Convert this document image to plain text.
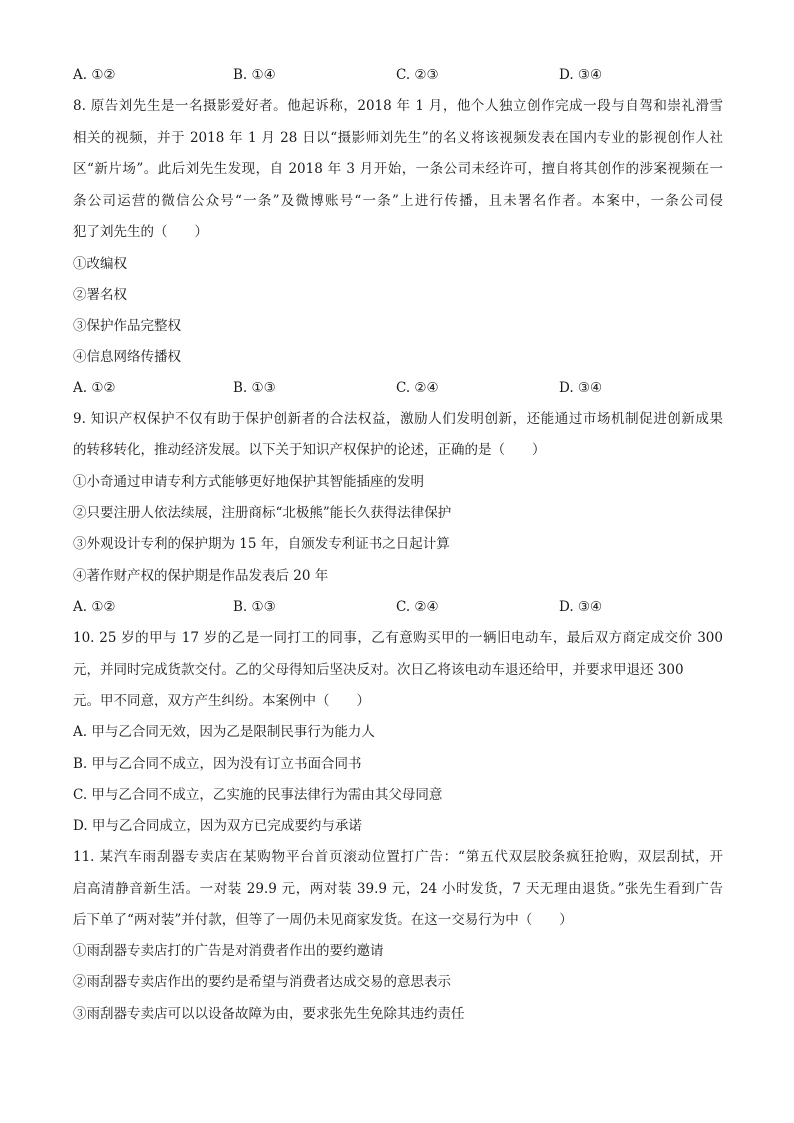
A. ①②	B. ①④	C. ②③	D. ③④
8. 原告刘先生是一名摄影爱好者。他起诉称，2018 年 1 月，他个人独立创作完成一段与自驾和崇礼滑雪
相关的视频，并于 2018 年 1 月 28 日以“摄影师刘先生”的名义将该视频发表在国内专业的影视创作人社
区“新片场”。此后刘先生发现，自 2018 年 3 月开始，一条公司未经许可，擅自将其创作的涉案视频在一
条公司运营的微信公众号“一条”及微博账号“一条”上进行传播，且未署名作者。本案中，一条公司侵
犯了刘先生的（　　）
①改编权
②署名权
③保护作品完整权
④信息网络传播权
A. ①②	B. ①③	C. ②④	D. ③④
9. 知识产权保护不仅有助于保护创新者的合法权益，激励人们发明创新，还能通过市场机制促进创新成果
的转移转化，推动经济发展。以下关于知识产权保护的论述，正确的是（　　）
①小奇通过申请专利方式能够更好地保护其智能插座的发明
②只要注册人依法续展，注册商标“北极熊”能长久获得法律保护
③外观设计专利的保护期为 15 年，自颁发专利证书之日起计算
④著作财产权的保护期是作品发表后 20 年
A. ①②	B. ①③	C. ②④	D. ③④
10. 25 岁的甲与 17 岁的乙是一同打工的同事，乙有意购买甲的一辆旧电动车，最后双方商定成交价 300
元，并同时完成货款交付。乙的父母得知后坚决反对。次日乙将该电动车退还给甲，并要求甲退还 300
元。甲不同意，双方产生纠纷。本案例中（　　）
A. 甲与乙合同无效，因为乙是限制民事行为能力人
B. 甲与乙合同不成立，因为没有订立书面合同书
C. 甲与乙合同不成立，乙实施的民事法律行为需由其父母同意
D. 甲与乙合同成立，因为双方已完成要约与承诺
11. 某汽车雨刮器专卖店在某购物平台首页滚动位置打广告：“第五代双层胶条疯狂抢购，双层刮拭，开
启高清静音新生活。一对装 29.9 元，两对装 39.9 元，24 小时发货，7 天无理由退货。”张先生看到广告
后下单了“两对装”并付款，但等了一周仍未见商家发货。在这一交易行为中（　　）
①雨刮器专卖店打的广告是对消费者作出的要约邀请
②雨刮器专卖店作出的要约是希望与消费者达成交易的意思表示
③雨刮器专卖店可以以设备故障为由，要求张先生免除其违约责任
